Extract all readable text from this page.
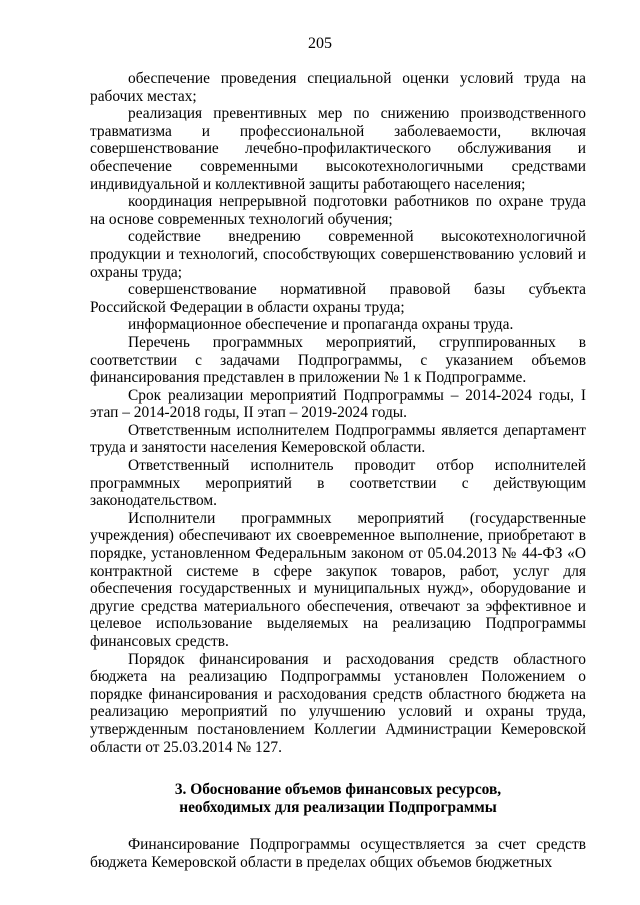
205

обеспечение проведения специальной оценки условий труда на рабочих местах;

реализация превентивных мер по снижению производственного травматизма и профессиональной заболеваемости, включая совершенствование лечебно-профилактического обслуживания и обеспечение современными высокотехнологичными средствами индивидуальной и коллективной защиты работающего населения;

координация непрерывной подготовки работников по охране труда на основе современных технологий обучения;

содействие внедрению современной высокотехнологичной продукции и технологий, способствующих совершенствованию условий и охраны труда;

совершенствование нормативной правовой базы субъекта Российской Федерации в области охраны труда;

информационное обеспечение и пропаганда охраны труда.

Перечень программных мероприятий, сгруппированных в соответствии с задачами Подпрограммы, с указанием объемов финансирования представлен в приложении № 1 к Подпрограмме.

Срок реализации мероприятий Подпрограммы – 2014-2024 годы, I этап – 2014-2018 годы, II этап – 2019-2024 годы.

Ответственным исполнителем Подпрограммы является департамент труда и занятости населения Кемеровской области.

Ответственный исполнитель проводит отбор исполнителей программных мероприятий в соответствии с действующим законодательством.

Исполнители программных мероприятий (государственные учреждения) обеспечивают их своевременное выполнение, приобретают в порядке, установленном Федеральным законом от 05.04.2013 № 44-ФЗ «О контрактной системе в сфере закупок товаров, работ, услуг для обеспечения государственных и муниципальных нужд», оборудование и другие средства материального обеспечения, отвечают за эффективное и целевое использование выделяемых на реализацию Подпрограммы финансовых средств.

Порядок финансирования и расходования средств областного бюджета на реализацию Подпрограммы установлен Положением о порядке финансирования и расходования средств областного бюджета на реализацию мероприятий по улучшению условий и охраны труда, утвержденным постановлением Коллегии Администрации Кемеровской области от 25.03.2014 № 127.

3. Обоснование объемов финансовых ресурсов,
необходимых для реализации Подпрограммы

Финансирование Подпрограммы осуществляется за счет средств бюджета Кемеровской области в пределах общих объемов бюджетных
